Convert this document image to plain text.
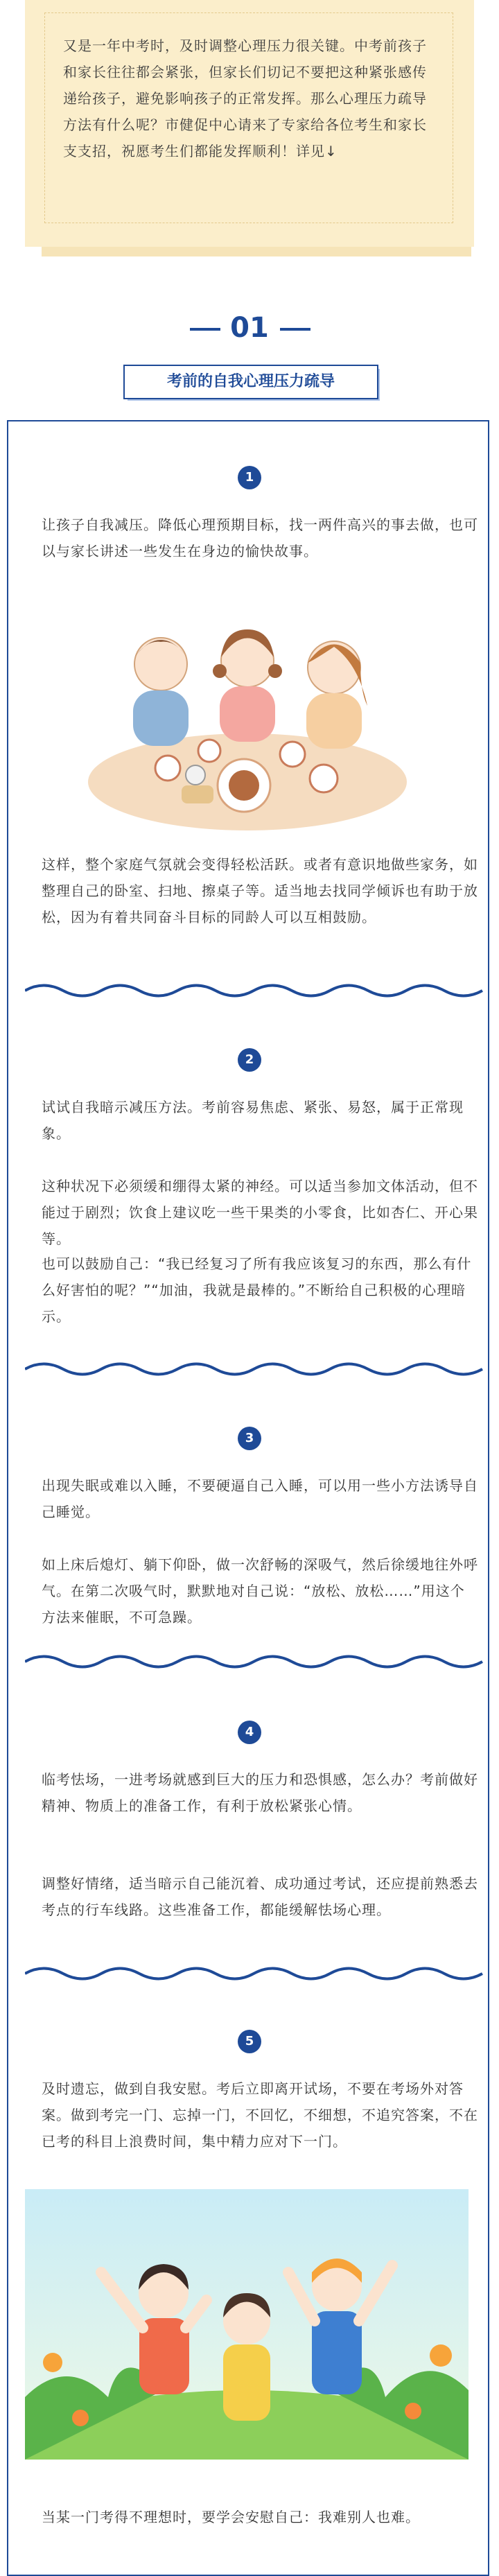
又是一年中考时，及时调整心理压力很关键。中考前孩子和家长往往都会紧张，但家长们切记不要把这种紧张感传递给孩子，避免影响孩子的正常发挥。那么心理压力疏导方法有什么呢？市健促中心请来了专家给各位考生和家长支支招，祝愿考生们都能发挥顺利！详见↓
01
考前的自我心理压力疏导
1
让孩子自我减压。降低心理预期目标，找一两件高兴的事去做，也可以与家长讲述一些发生在身边的愉快故事。
这样，整个家庭气氛就会变得轻松活跃。或者有意识地做些家务，如整理自己的卧室、扫地、擦桌子等。适当地去找同学倾诉也有助于放松，因为有着共同奋斗目标的同龄人可以互相鼓励。
2
试试自我暗示减压方法。考前容易焦虑、紧张、易怒，属于正常现象。
这种状况下必须缓和绷得太紧的神经。可以适当参加文体活动，但不能过于剧烈；饮食上建议吃一些干果类的小零食，比如杏仁、开心果等。
也可以鼓励自己：“我已经复习了所有我应该复习的东西，那么有什么好害怕的呢？”“加油，我就是最棒的。”不断给自己积极的心理暗示。
3
出现失眠或难以入睡，不要硬逼自己入睡，可以用一些小方法诱导自己睡觉。
如上床后熄灯、躺下仰卧，做一次舒畅的深吸气，然后徐缓地往外呼气。在第二次吸气时，默默地对自己说：“放松、放松……”用这个方法来催眠，不可急躁。
4
临考怯场，一进考场就感到巨大的压力和恐惧感，怎么办？考前做好精神、物质上的准备工作，有利于放松紧张心情。
调整好情绪，适当暗示自己能沉着、成功通过考试，还应提前熟悉去考点的行车线路。这些准备工作，都能缓解怯场心理。
5
及时遗忘，做到自我安慰。考后立即离开试场，不要在考场外对答案。做到考完一门、忘掉一门，不回忆，不细想，不追究答案，不在已考的科目上浪费时间，集中精力应对下一门。
当某一门考得不理想时，要学会安慰自己：我难别人也难。
